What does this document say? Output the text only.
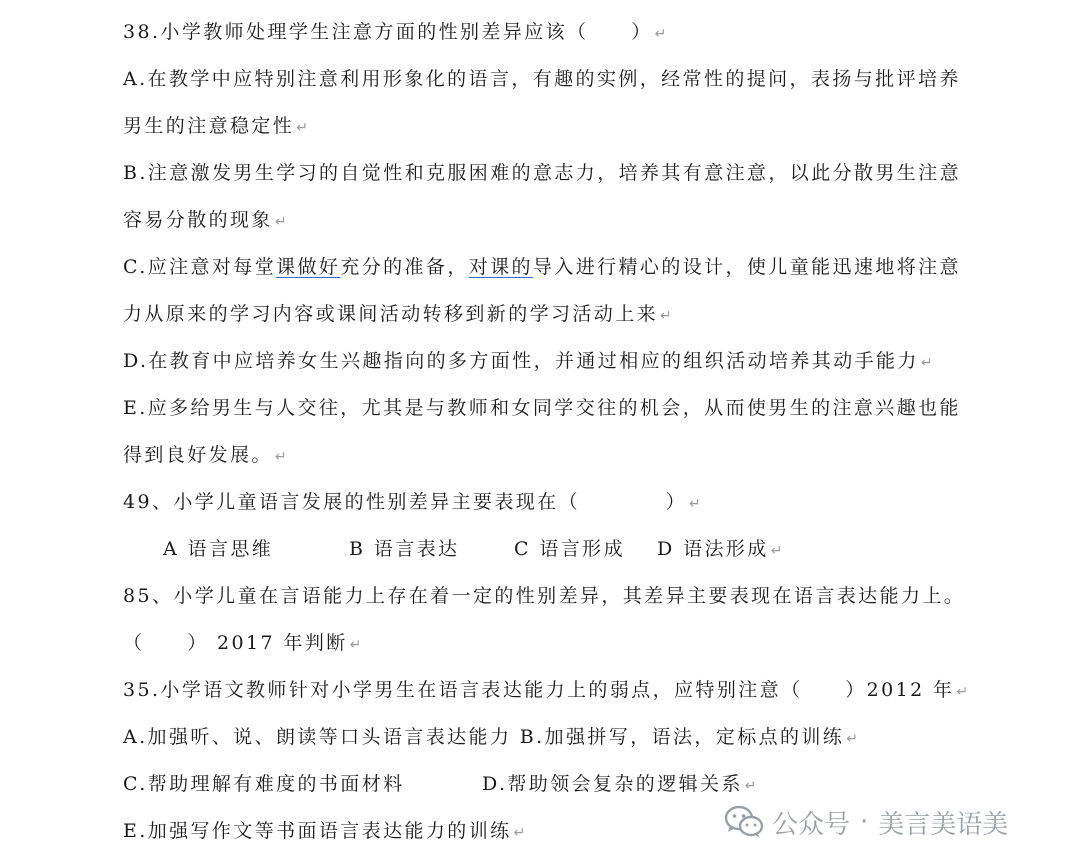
38.小学教师处理学生注意方面的性别差异应该（　　） ↵
A.在教学中应特别注意利用形象化的语言，有趣的实例，经常性的提问，表扬与批评培养
男生的注意稳定性 ↵
B.注意激发男生学习的自觉性和克服困难的意志力，培养其有意注意，以此分散男生注意
容易分散的现象 ↵
C.应注意对每堂课做好充分的准备，对课的导入进行精心的设计，使儿童能迅速地将注意
力从原来的学习内容或课间活动转移到新的学习活动上来 ↵
D.在教育中应培养女生兴趣指向的多方面性，并通过相应的组织活动培养其动手能力 ↵
E.应多给男生与人交往，尤其是与教师和女同学交往的机会，从而使男生的注意兴趣也能
得到良好发展。 ↵
49、小学儿童语言发展的性别差异主要表现在（　　　　） ↵
A 语言思维	B 语言表达	C 语言形成 D 语法形成 ↵
85、小学儿童在言语能力上存在着一定的性别差异，其差异主要表现在语言表达能力上。
（　　） 2017 年判断 ↵
35.小学语文教师针对小学男生在语言表达能力上的弱点，应特别注意（　　）2012 年 ↵
A.加强听、说、朗读等口头语言表达能力 B.加强拼写，语法，定标点的训练 ↵
C.帮助理解有难度的书面材料	D.帮助领会复杂的逻辑关系 ↵
E.加强写作文等书面语言表达能力的训练 ↵	公众号 · 美言美语美
